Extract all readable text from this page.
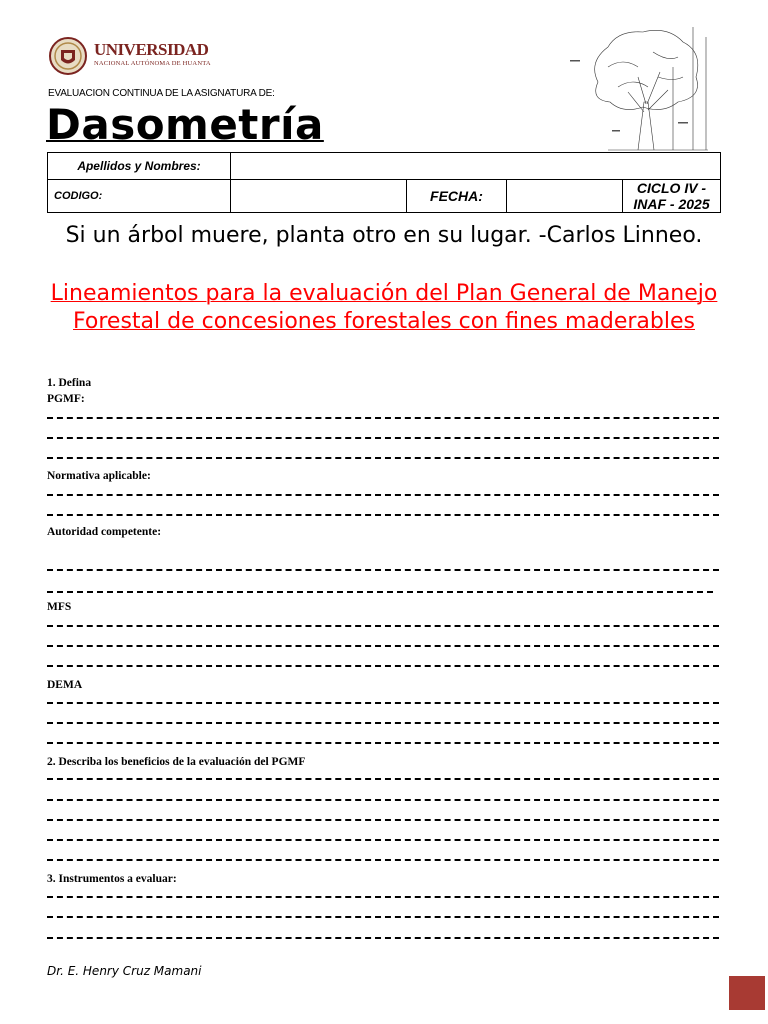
UNIVERSIDAD
NACIONAL AUTÓNOMA DE HUANTA
EVALUACION CONTINUA DE LA ASIGNATURA DE:
Dasometría
Apellidos y Nombres:				
CODIGO:		FECHA:		CICLO IV - INAF - 2025
Si un árbol muere, planta otro en su lugar. -Carlos Linneo.
Lineamientos para la evaluación del Plan General de Manejo Forestal de concesiones forestales con fines maderables
1. Defina
PGMF:
Normativa aplicable:
Autoridad competente:
MFS
DEMA
2. Describa los beneficios de la evaluación del PGMF
3. Instrumentos a evaluar:
Dr. E. Henry Cruz Mamani
